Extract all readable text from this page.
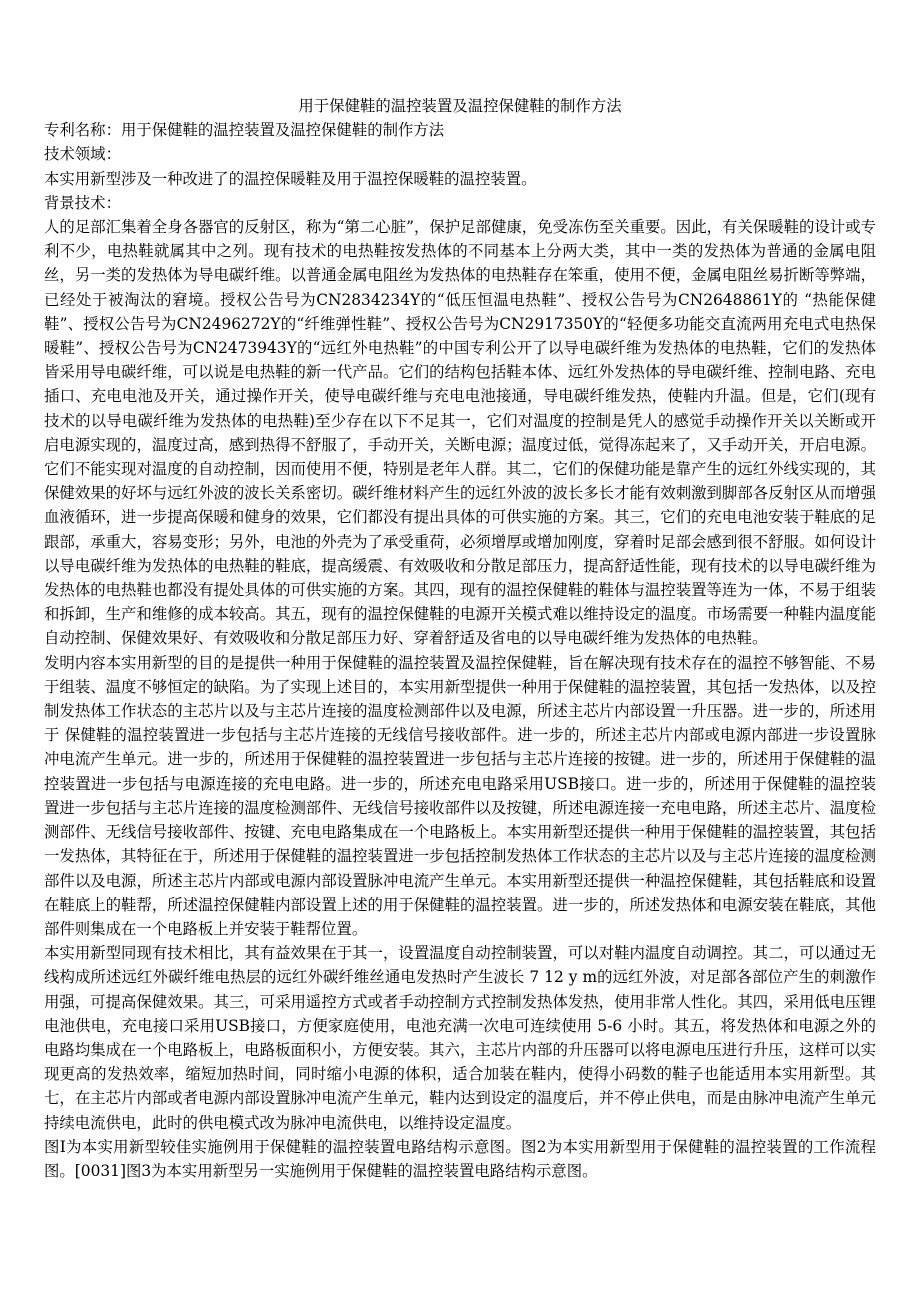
用于保健鞋的温控装置及温控保健鞋的制作方法

专利名称：用于保健鞋的温控装置及温控保健鞋的制作方法

技术领域：

本实用新型涉及一种改进了的温控保暖鞋及用于温控保暖鞋的温控装置。

背景技术：

人的足部汇集着全身各器官的反射区，称为“第二心脏”，保护足部健康，免受冻伤至关重要。因此，有关保暖鞋的设计或专利不少，电热鞋就属其中之列。现有技术的电热鞋按发热体的不同基本上分两大类，其中一类的发热体为普通的金属电阻丝，另一类的发热体为导电碳纤维。以普通金属电阻丝为发热体的电热鞋存在笨重，使用不便，金属电阻丝易折断等弊端，已经处于被淘汰的窘境。授权公告号为CN2834234Y的“低压恒温电热鞋”、授权公告号为CN2648861Y的 “热能保健鞋”、授权公告号为CN2496272Y的“纤维弹性鞋”、授权公告号为CN2917350Y的“轻便多功能交直流两用充电式电热保暖鞋”、授权公告号为CN2473943Y的“远红外电热鞋”的中国专利公开了以导电碳纤维为发热体的电热鞋，它们的发热体皆采用导电碳纤维，可以说是电热鞋的新一代产品。它们的结构包括鞋本体、远红外发热体的导电碳纤维、控制电路、充电插口、充电电池及开关，通过操作开关，使导电碳纤维与充电电池接通，导电碳纤维发热，使鞋内升温。但是，它们(现有技术的以导电碳纤维为发热体的电热鞋)至少存在以下不足其一，它们对温度的控制是凭人的感觉手动操作开关以关断或开启电源实现的，温度过高，感到热得不舒服了，手动开关，关断电源；温度过低，觉得冻起来了，又手动开关，开启电源。它们不能实现对温度的自动控制，因而使用不便，特别是老年人群。其二，它们的保健功能是靠产生的远红外线实现的，其保健效果的好坏与远红外波的波长关系密切。碳纤维材料产生的远红外波的波长多长才能有效刺激到脚部各反射区从而增强血液循环，进一步提高保暖和健身的效果，它们都没有提出具体的可供实施的方案。其三，它们的充电电池安装于鞋底的足跟部，承重大，容易变形；另外，电池的外壳为了承受重荷，必须增厚或增加刚度，穿着时足部会感到很不舒服。如何设计以导电碳纤维为发热体的电热鞋的鞋底，提高缓震、有效吸收和分散足部压力，提高舒适性能，现有技术的以导电碳纤维为发热体的电热鞋也都没有提处具体的可供实施的方案。其四，现有的温控保健鞋的鞋体与温控装置等连为一体，不易于组装和拆卸，生产和维修的成本较高。其五，现有的温控保健鞋的电源开关模式难以维持设定的温度。市场需要一种鞋内温度能自动控制、保健效果好、有效吸收和分散足部压力好、穿着舒适及省电的以导电碳纤维为发热体的电热鞋。

发明内容本实用新型的目的是提供一种用于保健鞋的温控装置及温控保健鞋，旨在解决现有技术存在的温控不够智能、不易于组装、温度不够恒定的缺陷。为了实现上述目的，本实用新型提供一种用于保健鞋的温控装置，其包括一发热体，以及控制发热体工作状态的主芯片以及与主芯片连接的温度检测部件以及电源，所述主芯片内部设置一升压器。进一步的，所述用于 保健鞋的温控装置进一步包括与主芯片连接的无线信号接收部件。进一步的，所述主芯片内部或电源内部进一步设置脉冲电流产生单元。进一步的，所述用于保健鞋的温控装置进一步包括与主芯片连接的按键。进一步的，所述用于保健鞋的温控装置进一步包括与电源连接的充电电路。进一步的，所述充电电路采用USB接口。进一步的，所述用于保健鞋的温控装置进一步包括与主芯片连接的温度检测部件、无线信号接收部件以及按键，所述电源连接一充电电路，所述主芯片、温度检测部件、无线信号接收部件、按键、充电电路集成在一个电路板上。本实用新型还提供一种用于保健鞋的温控装置，其包括一发热体，其特征在于，所述用于保健鞋的温控装置进一步包括控制发热体工作状态的主芯片以及与主芯片连接的温度检测部件以及电源，所述主芯片内部或电源内部设置脉冲电流产生单元。本实用新型还提供一种温控保健鞋，其包括鞋底和设置在鞋底上的鞋帮，所述温控保健鞋内部设置上述的用于保健鞋的温控装置。进一步的，所述发热体和电源安装在鞋底，其他部件则集成在一个电路板上并安装于鞋帮位置。

本实用新型同现有技术相比，其有益效果在于其一，设置温度自动控制装置，可以对鞋内温度自动调控。其二，可以通过无线构成所述远红外碳纤维电热层的远红外碳纤维丝通电发热时产生波长 7 12 y m的远红外波，对足部各部位产生的刺激作用强，可提高保健效果。其三，可采用遥控方式或者手动控制方式控制发热体发热，使用非常人性化。其四，采用低电压锂电池供电，充电接口采用USB接口，方便家庭使用，电池充满一次电可连续使用 5-6 小时。其五，将发热体和电源之外的电路均集成在一个电路板上，电路板面积小，方便安装。其六，主芯片内部的升压器可以将电源电压进行升压，这样可以实现更高的发热效率，缩短加热时间，同时缩小电源的体积，适合加装在鞋内，使得小码数的鞋子也能适用本实用新型。其七，在主芯片内部或者电源内部设置脉冲电流产生单元，鞋内达到设定的温度后，并不停止供电，而是由脉冲电流产生单元持续电流供电，此时的供电模式改为脉冲电流供电，以维持设定温度。

图I为本实用新型较佳实施例用于保健鞋的温控装置电路结构示意图。图2为本实用新型用于保健鞋的温控装置的工作流程图。[0031]图3为本实用新型另一实施例用于保健鞋的温控装置电路结构示意图。
